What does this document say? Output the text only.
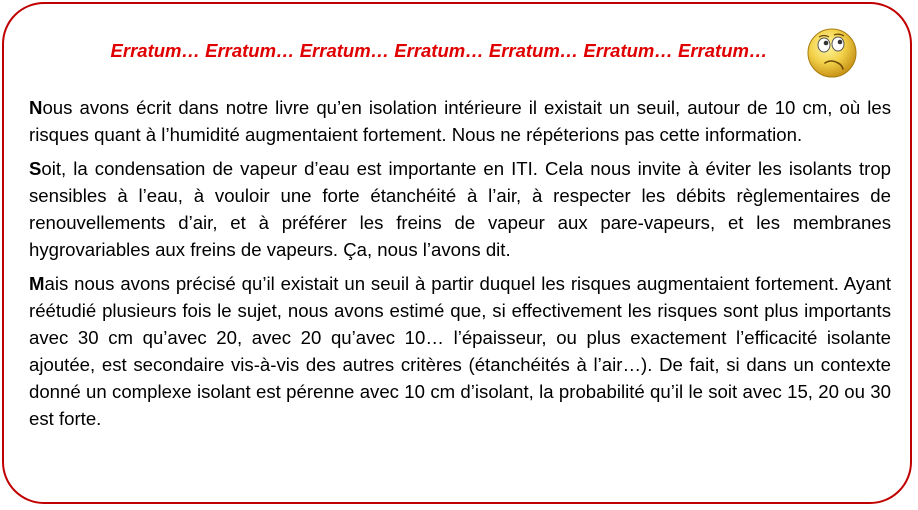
Erratum… Erratum… Erratum… Erratum… Erratum… Erratum… Erratum…

Nous avons écrit dans notre livre qu’en isolation intérieure il existait un seuil, autour de 10 cm, où les risques quant à l’humidité augmentaient fortement. Nous ne répéterions pas cette information.

Soit, la condensation de vapeur d’eau est importante en ITI. Cela nous invite à éviter les isolants trop sensibles à l’eau, à vouloir une forte étanchéité à l’air, à respecter les débits règlementaires de renouvellements d’air, et à préférer les freins de vapeur aux pare-vapeurs, et les membranes hygrovariables aux freins de vapeurs. Ça, nous l’avons dit.

Mais nous avons précisé qu’il existait un seuil à partir duquel les risques augmentaient fortement. Ayant réétudié plusieurs fois le sujet, nous avons estimé que, si effectivement les risques sont plus importants avec 30 cm qu’avec 20, avec 20 qu’avec 10… l’épaisseur, ou plus exactement l’efficacité isolante ajoutée, est secondaire vis-à-vis des autres critères (étanchéités à l’air…). De fait, si dans un contexte donné un complexe isolant est pérenne avec 10 cm d’isolant, la probabilité qu’il le soit avec 15, 20 ou 30 est forte.
